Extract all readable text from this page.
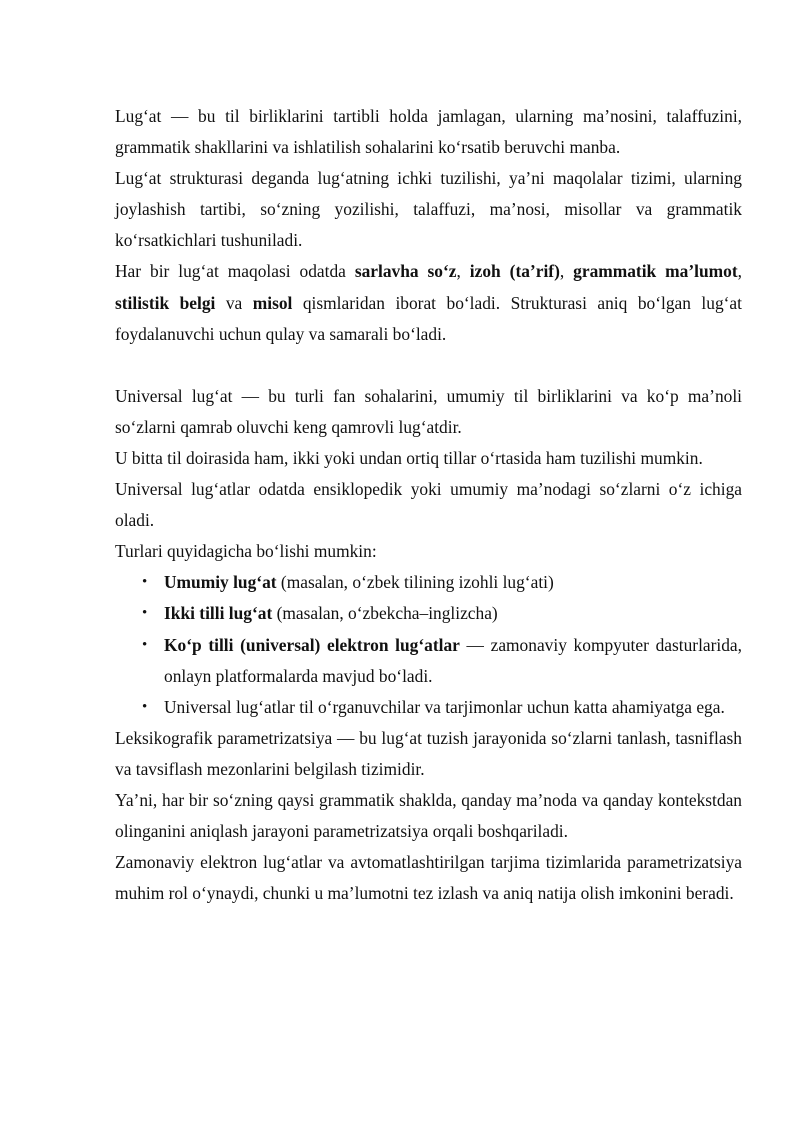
Lug‘at — bu til birliklarini tartibli holda jamlagan, ularning ma’nosini, talaffuzini, grammatik shakllarini va ishlatilish sohalarini ko‘rsatib beruvchi manba.

Lug‘at strukturasi deganda lug‘atning ichki tuzilishi, ya’ni maqolalar tizimi, ularning joylashish tartibi, so‘zning yozilishi, talaffuzi, ma’nosi, misollar va grammatik ko‘rsatkichlari tushuniladi.

Har bir lug‘at maqolasi odatda sarlavha so‘z, izoh (ta’rif), grammatik ma’lumot, stilistik belgi va misol qismlaridan iborat bo‘ladi. Strukturasi aniq bo‘lgan lug‘at foydalanuvchi uchun qulay va samarali bo‘ladi.

Universal lug‘at — bu turli fan sohalarini, umumiy til birliklarini va ko‘p ma’noli so‘zlarni qamrab oluvchi keng qamrovli lug‘atdir.

U bitta til doirasida ham, ikki yoki undan ortiq tillar o‘rtasida ham tuzilishi mumkin.

Universal lug‘atlar odatda ensiklopedik yoki umumiy ma’nodagi so‘zlarni o‘z ichiga oladi.

Turlari quyidagicha bo‘lishi mumkin:

• Umumiy lug‘at (masalan, o‘zbek tilining izohli lug‘ati)
• Ikki tilli lug‘at (masalan, o‘zbekcha–inglizcha)
• Ko‘p tilli (universal) elektron lug‘atlar — zamonaviy kompyuter dasturlarida, onlayn platformalarda mavjud bo‘ladi.
• Universal lug‘atlar til o‘rganuvchilar va tarjimonlar uchun katta ahamiyatga ega.

Leksikografik parametrizatsiya — bu lug‘at tuzish jarayonida so‘zlarni tanlash, tasniflash va tavsiflash mezonlarini belgilash tizimidir.

Ya’ni, har bir so‘zning qaysi grammatik shaklda, qanday ma’noda va qanday kontekstdan olinganini aniqlash jarayoni parametrizatsiya orqali boshqariladi.

Zamonaviy elektron lug‘atlar va avtomatlashtirilgan tarjima tizimlarida parametrizatsiya muhim rol o‘ynaydi, chunki u ma’lumotni tez izlash va aniq natija olish imkonini beradi.
